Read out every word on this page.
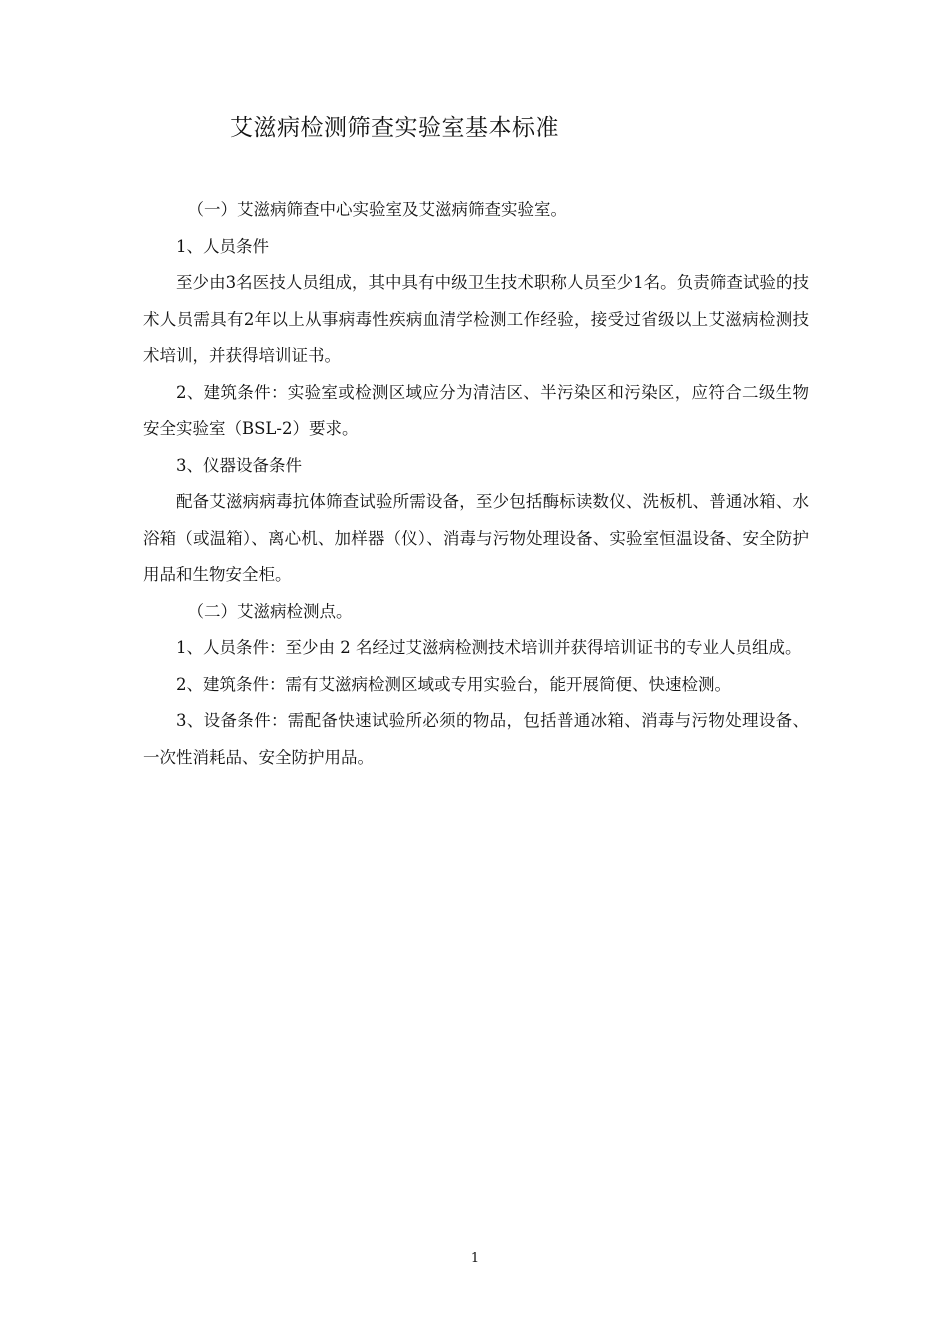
艾滋病检测筛查实验室基本标准

（一）艾滋病筛查中心实验室及艾滋病筛查实验室。

1、人员条件

至少由3名医技人员组成，其中具有中级卫生技术职称人员至少1名。负责筛查试验的技术人员需具有2年以上从事病毒性疾病血清学检测工作经验，接受过省级以上艾滋病检测技术培训，并获得培训证书。

2、建筑条件：实验室或检测区域应分为清洁区、半污染区和污染区，应符合二级生物安全实验室（BSL-2）要求。

3、仪器设备条件

配备艾滋病病毒抗体筛查试验所需设备，至少包括酶标读数仪、洗板机、普通冰箱、水浴箱（或温箱）、离心机、加样器（仪）、消毒与污物处理设备、实验室恒温设备、安全防护用品和生物安全柜。

（二）艾滋病检测点。

1、人员条件：至少由 2 名经过艾滋病检测技术培训并获得培训证书的专业人员组成。

2、建筑条件：需有艾滋病检测区域或专用实验台，能开展简便、快速检测。

3、设备条件：需配备快速试验所必须的物品，包括普通冰箱、消毒与污物处理设备、一次性消耗品、安全防护用品。

1
